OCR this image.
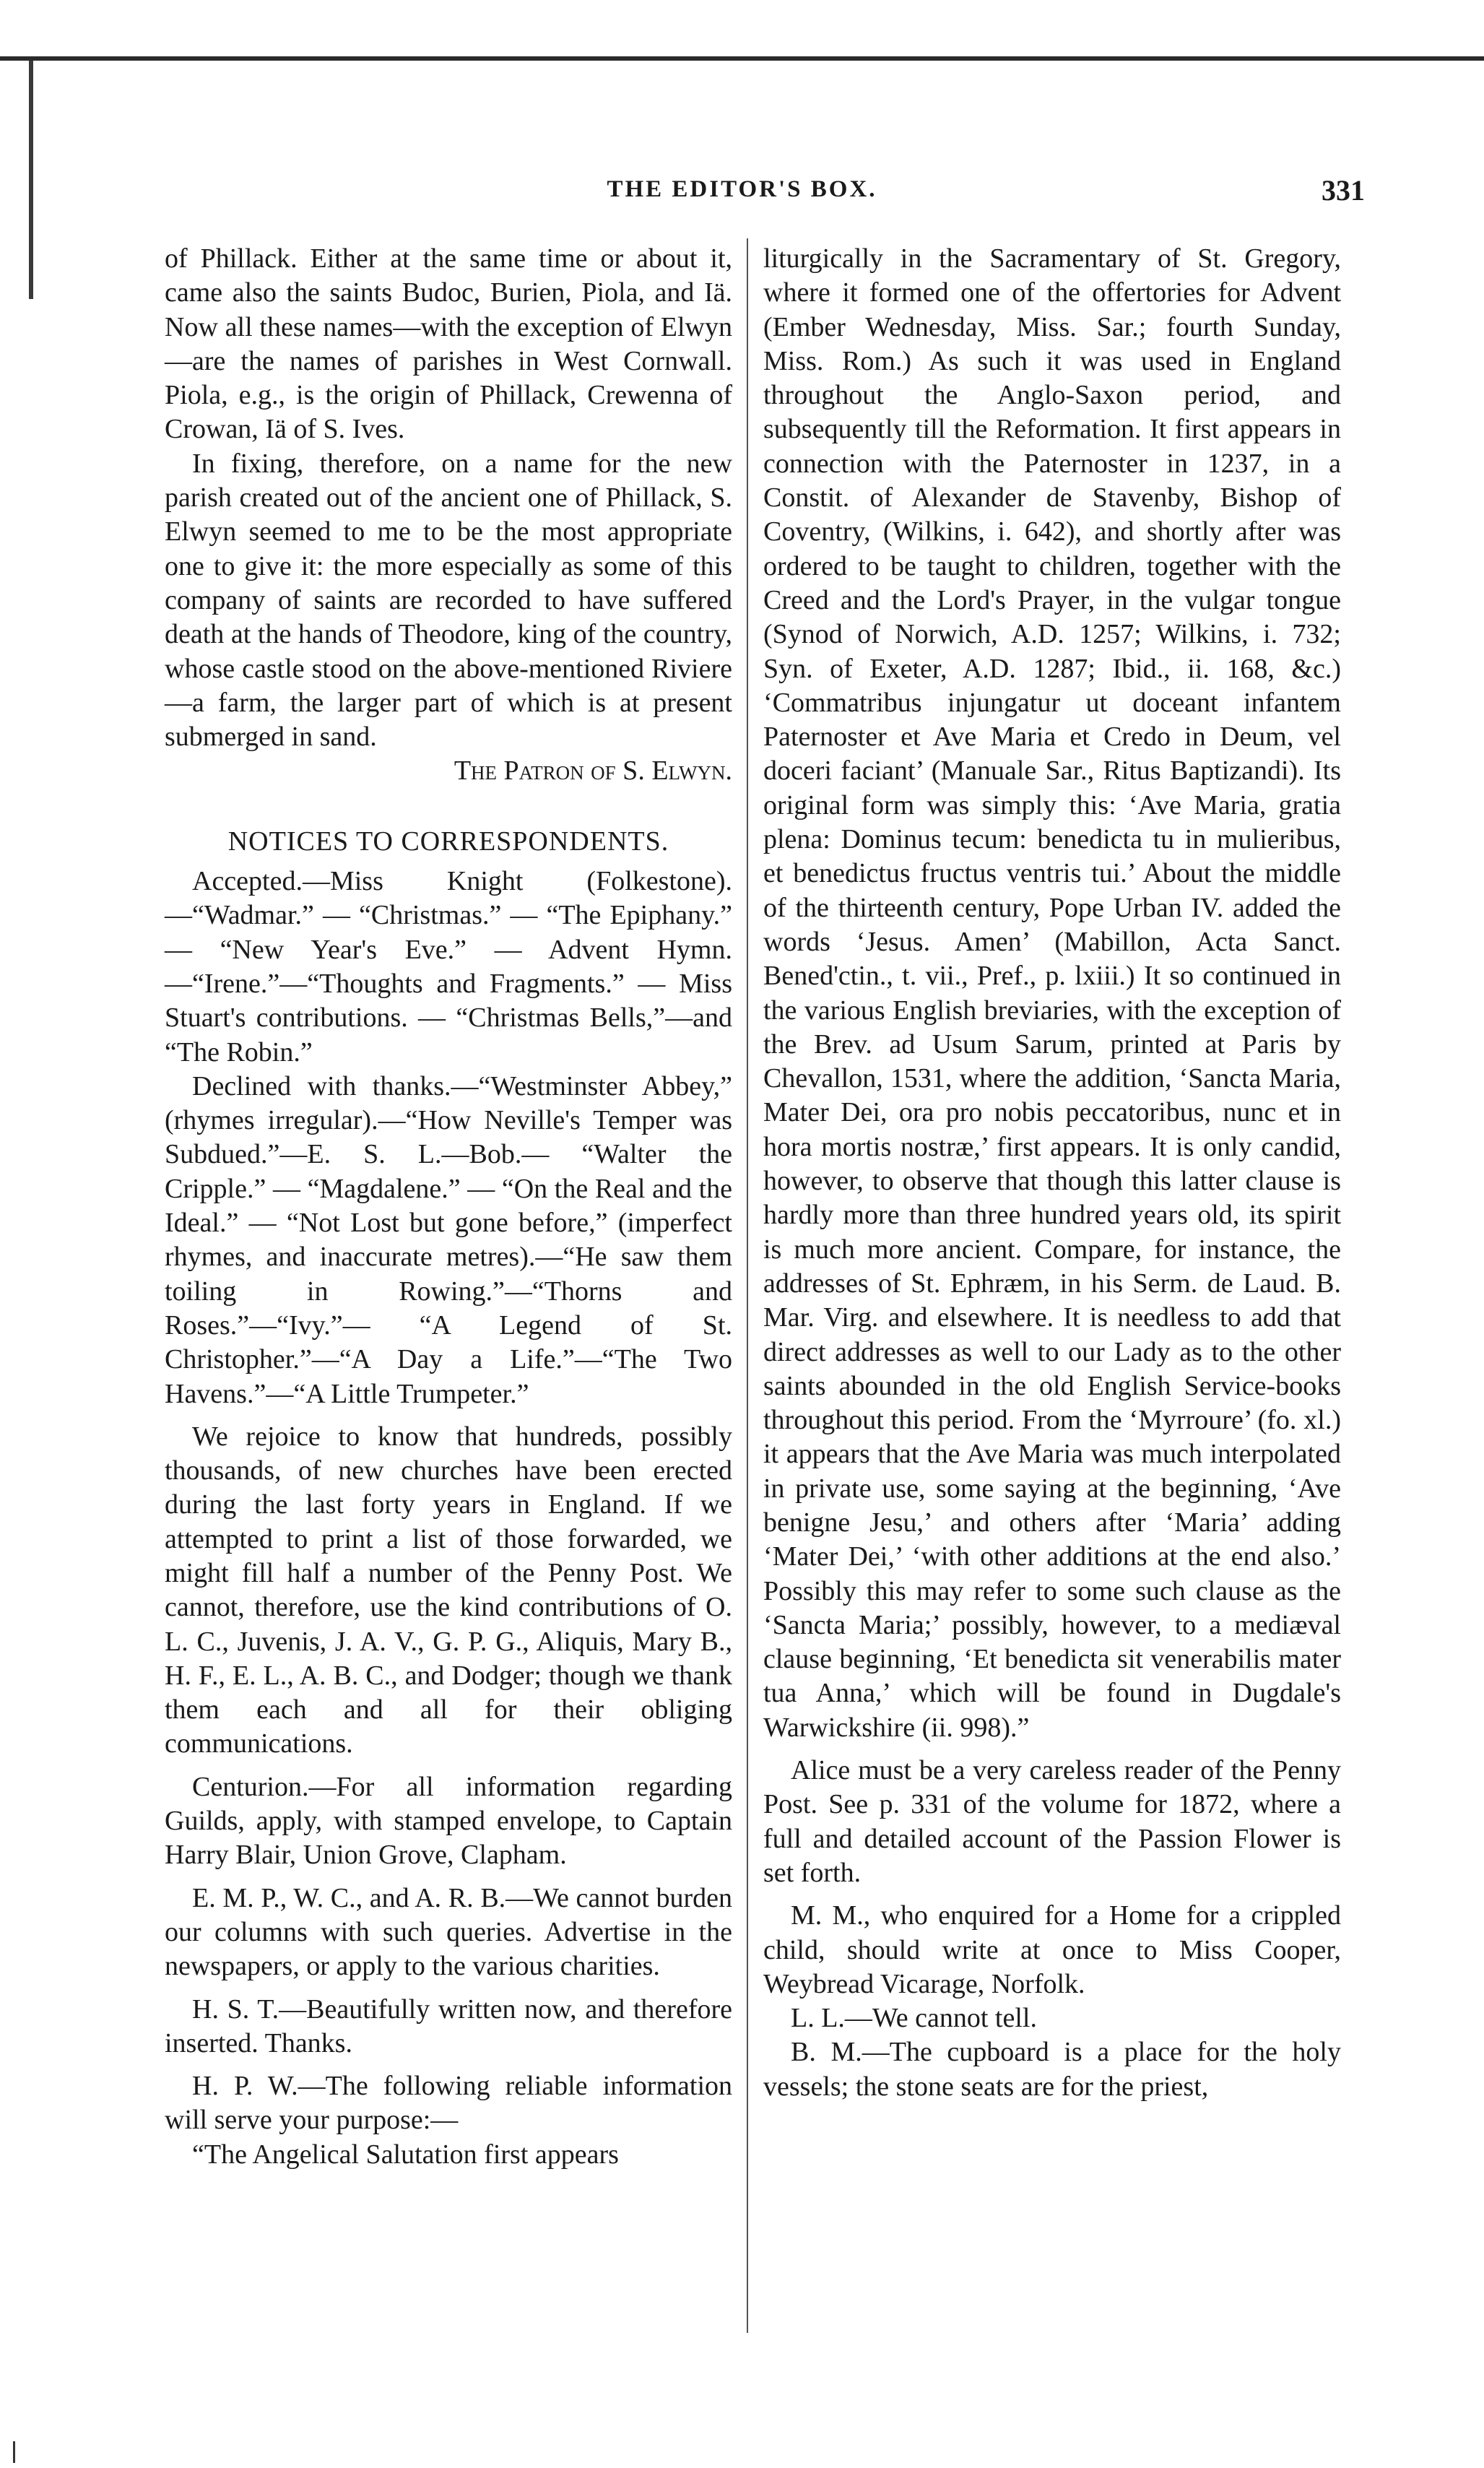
THE EDITOR'S BOX.	331

of Phillack. Either at the same time or about it, came also the saints Budoc, Burien, Piola, and Iä. Now all these names—with the exception of Elwyn—are the names of parishes in West Cornwall. Piola, e.g., is the origin of Phillack, Crewenna of Crowan, Iä of S. Ives.

In fixing, therefore, on a name for the new parish created out of the ancient one of Phillack, S. Elwyn seemed to me to be the most appropriate one to give it: the more especially as some of this company of saints are recorded to have suffered death at the hands of Theodore, king of the country, whose castle stood on the above-mentioned Riviere—a farm, the larger part of which is at present submerged in sand.
The Patron of S. Elwyn.

NOTICES TO CORRESPONDENTS.

Accepted.—Miss Knight (Folkestone).—“Wadmar.” — “Christmas.” — “The Epiphany.” — “New Year's Eve.” — Advent Hymn.—“Irene.”—“Thoughts and Fragments.” — Miss Stuart's contributions. — “Christmas Bells,”—and “The Robin.”

Declined with thanks.—“Westminster Abbey,” (rhymes irregular).—“How Neville's Temper was Subdued.”—E. S. L.—Bob.— “Walter the Cripple.” — “Magdalene.” — “On the Real and the Ideal.” — “Not Lost but gone before,” (imperfect rhymes, and inaccurate metres).—“He saw them toiling in Rowing.”—“Thorns and Roses.”—“Ivy.”— “A Legend of St. Christopher.”—“A Day a Life.”—“The Two Havens.”—“A Little Trumpeter.”

We rejoice to know that hundreds, possibly thousands, of new churches have been erected during the last forty years in England. If we attempted to print a list of those forwarded, we might fill half a number of the Penny Post. We cannot, therefore, use the kind contributions of O. L. C., Juvenis, J. A. V., G. P. G., Aliquis, Mary B., H. F., E. L., A. B. C., and Dodger; though we thank them each and all for their obliging communications.

Centurion.—For all information regarding Guilds, apply, with stamped envelope, to Captain Harry Blair, Union Grove, Clapham.

E. M. P., W. C., and A. R. B.—We cannot burden our columns with such queries. Advertise in the newspapers, or apply to the various charities.

H. S. T.—Beautifully written now, and therefore inserted. Thanks.

H. P. W.—The following reliable information will serve your purpose:—

“The Angelical Salutation first appears

liturgically in the Sacramentary of St. Gregory, where it formed one of the offertories for Advent (Ember Wednesday, Miss. Sar.; fourth Sunday, Miss. Rom.) As such it was used in England throughout the Anglo-Saxon period, and subsequently till the Reformation. It first appears in connection with the Paternoster in 1237, in a Constit. of Alexander de Stavenby, Bishop of Coventry, (Wilkins, i. 642), and shortly after was ordered to be taught to children, together with the Creed and the Lord's Prayer, in the vulgar tongue (Synod of Norwich, A.D. 1257; Wilkins, i. 732; Syn. of Exeter, A.D. 1287; Ibid., ii. 168, &c.) ‘Commatribus injungatur ut doceant infantem Paternoster et Ave Maria et Credo in Deum, vel doceri faciant’ (Manuale Sar., Ritus Baptizandi). Its original form was simply this: ‘Ave Maria, gratia plena: Dominus tecum: benedicta tu in mulieribus, et benedictus fructus ventris tui.’ About the middle of the thirteenth century, Pope Urban IV. added the words ‘Jesus. Amen’ (Mabillon, Acta Sanct. Bened'ctin., t. vii., Pref., p. lxiii.) It so continued in the various English breviaries, with the exception of the Brev. ad Usum Sarum, printed at Paris by Chevallon, 1531, where the addition, ‘Sancta Maria, Mater Dei, ora pro nobis peccatoribus, nunc et in hora mortis nostræ,’ first appears. It is only candid, however, to observe that though this latter clause is hardly more than three hundred years old, its spirit is much more ancient. Compare, for instance, the addresses of St. Ephræm, in his Serm. de Laud. B. Mar. Virg. and elsewhere. It is needless to add that direct addresses as well to our Lady as to the other saints abounded in the old English Service-books throughout this period. From the ‘Myrroure’ (fo. xl.) it appears that the Ave Maria was much interpolated in private use, some saying at the beginning, ‘Ave benigne Jesu,’ and others after ‘Maria’ adding ‘Mater Dei,’ ‘with other additions at the end also.’ Possibly this may refer to some such clause as the ‘Sancta Maria;’ possibly, however, to a mediæval clause beginning, ‘Et benedicta sit venerabilis mater tua Anna,’ which will be found in Dugdale's Warwickshire (ii. 998).”

Alice must be a very careless reader of the Penny Post. See p. 331 of the volume for 1872, where a full and detailed account of the Passion Flower is set forth.

M. M., who enquired for a Home for a crippled child, should write at once to Miss Cooper, Weybread Vicarage, Norfolk.

L. L.—We cannot tell.

B. M.—The cupboard is a place for the holy vessels; the stone seats are for the priest,
